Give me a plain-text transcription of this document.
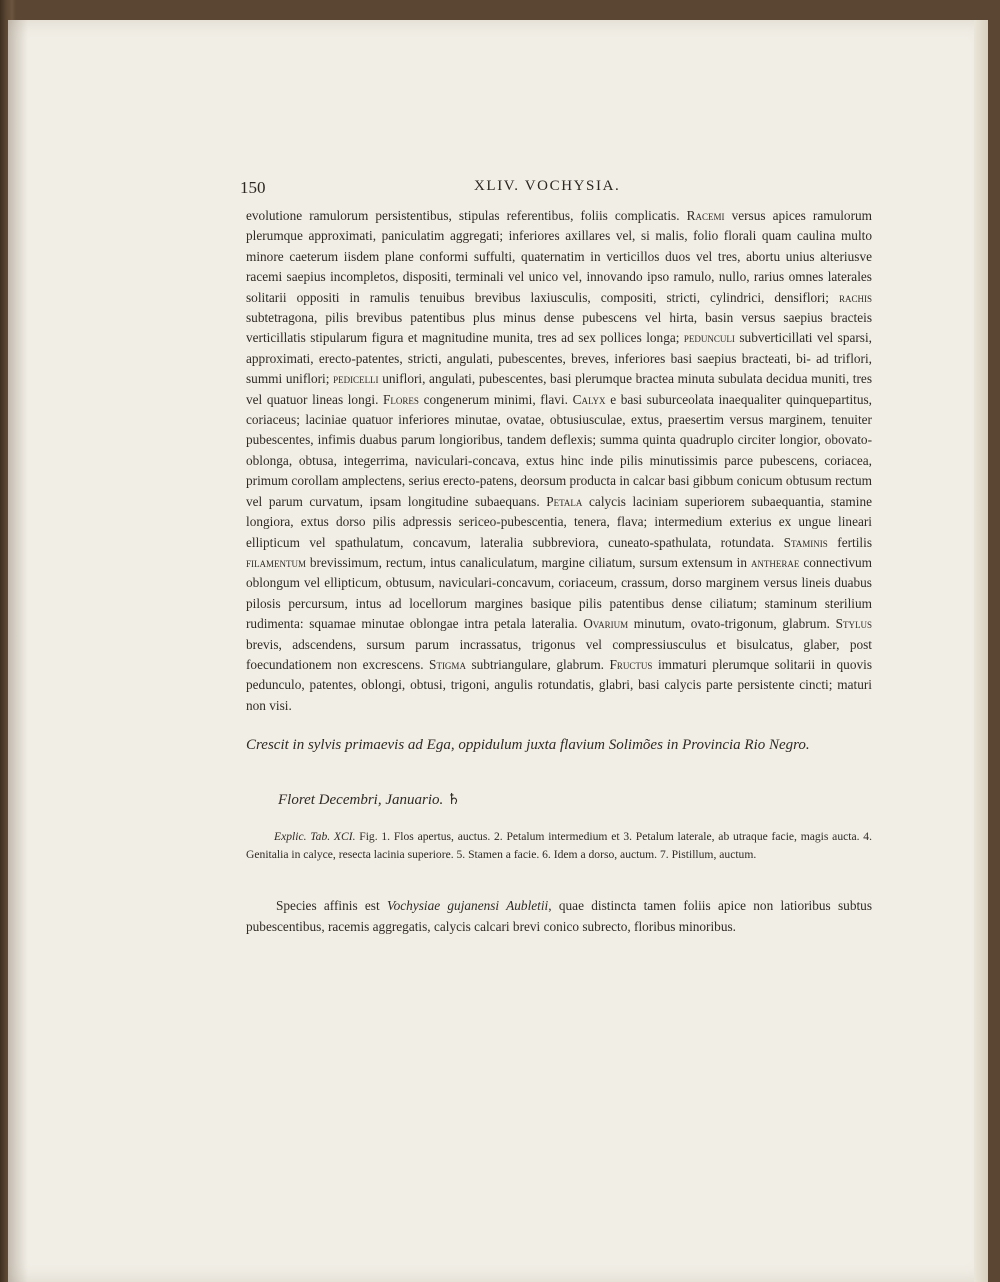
150	XLIV. VOCHYSIA.
evolutione ramulorum persistentibus, stipulas referentibus, foliis complicatis. Racemi versus apices ramulorum plerumque approximati, paniculatim aggregati; inferiores axillares vel, si malis, folio florali quam caulina multo minore caeterum iisdem plane conformi suffulti, quaternatim in verticillos duos vel tres, abortu unius alteriusve racemi saepius incompletos, dispositi, terminali vel unico vel, innovando ipso ramulo, nullo, rarius omnes laterales solitarii oppositi in ramulis tenuibus brevibus laxiusculis, compositi, stricti, cylindrici, densiflori; rachis subtetragona, pilis brevibus patentibus plus minus dense pubescens vel hirta, basin versus saepius bracteis verticillatis stipularum figura et magnitudine munita, tres ad sex pollices longa; pedunculi subverticillati vel sparsi, approximati, erecto-patentes, stricti, angulati, pubescentes, breves, inferiores basi saepius bracteati, bi- ad triflori, summi uniflori; pedicelli uniflori, angulati, pubescentes, basi plerumque bractea minuta subulata decidua muniti, tres vel quatuor lineas longi. Flores congenerum minimi, flavi. Calyx e basi suburceolata inaequaliter quinquepartitus, coriaceus; laciniae quatuor inferiores minutae, ovatae, obtusiusculae, extus, praesertim versus marginem, tenuiter pubescentes, infimis duabus parum longioribus, tandem deflexis; summa quinta quadruplo circiter longior, obovato-oblonga, obtusa, integerrima, naviculari-concava, extus hinc inde pilis minutissimis parce pubescens, coriacea, primum corollam amplectens, serius erecto-patens, deorsum producta in calcar basi gibbum conicum obtusum rectum vel parum curvatum, ipsam longitudine subaequans. Petala calycis laciniam superiorem subaequantia, stamine longiora, extus dorso pilis adpressis sericeo-pubescentia, tenera, flava; intermedium exterius ex ungue lineari ellipticum vel spathulatum, concavum, lateralia subbreviora, cuneato-spathulata, rotundata. Staminis fertilis filamentum brevissimum, rectum, intus canaliculatum, margine ciliatum, sursum extensum in antherae connectivum oblongum vel ellipticum, obtusum, naviculari-concavum, coriaceum, crassum, dorso marginem versus lineis duabus pilosis percursum, intus ad locellorum margines basique pilis patentibus dense ciliatum; staminum sterilium rudimenta: squamae minutae oblongae intra petala lateralia. Ovarium minutum, ovato-trigonum, glabrum. Stylus brevis, adscendens, sursum parum incrassatus, trigonus vel compressiusculus et bisulcatus, glaber, post foecundationem non excrescens. Stigma subtriangulare, glabrum. Fructus immaturi plerumque solitarii in quovis pedunculo, patentes, oblongi, obtusi, trigoni, angulis rotundatis, glabri, basi calycis parte persistente cincti; maturi non visi.
Crescit in sylvis primaevis ad Ega, oppidulum juxta flavium Solimões in Provincia Rio Negro.
Floret Decembri, Januario. ♄
Explic. Tab. XCI. Fig. 1. Flos apertus, auctus. 2. Petalum intermedium et 3. Petalum laterale, ab utraque facie, magis aucta. 4. Genitalia in calyce, resecta lacinia superiore. 5. Stamen a facie. 6. Idem a dorso, auctum. 7. Pistillum, auctum.
Species affinis est Vochysiae gujanensi Aubletii, quae distincta tamen foliis apice non latioribus subtus pubescentibus, racemis aggregatis, calycis calcari brevi conico subrecto, floribus minoribus.
